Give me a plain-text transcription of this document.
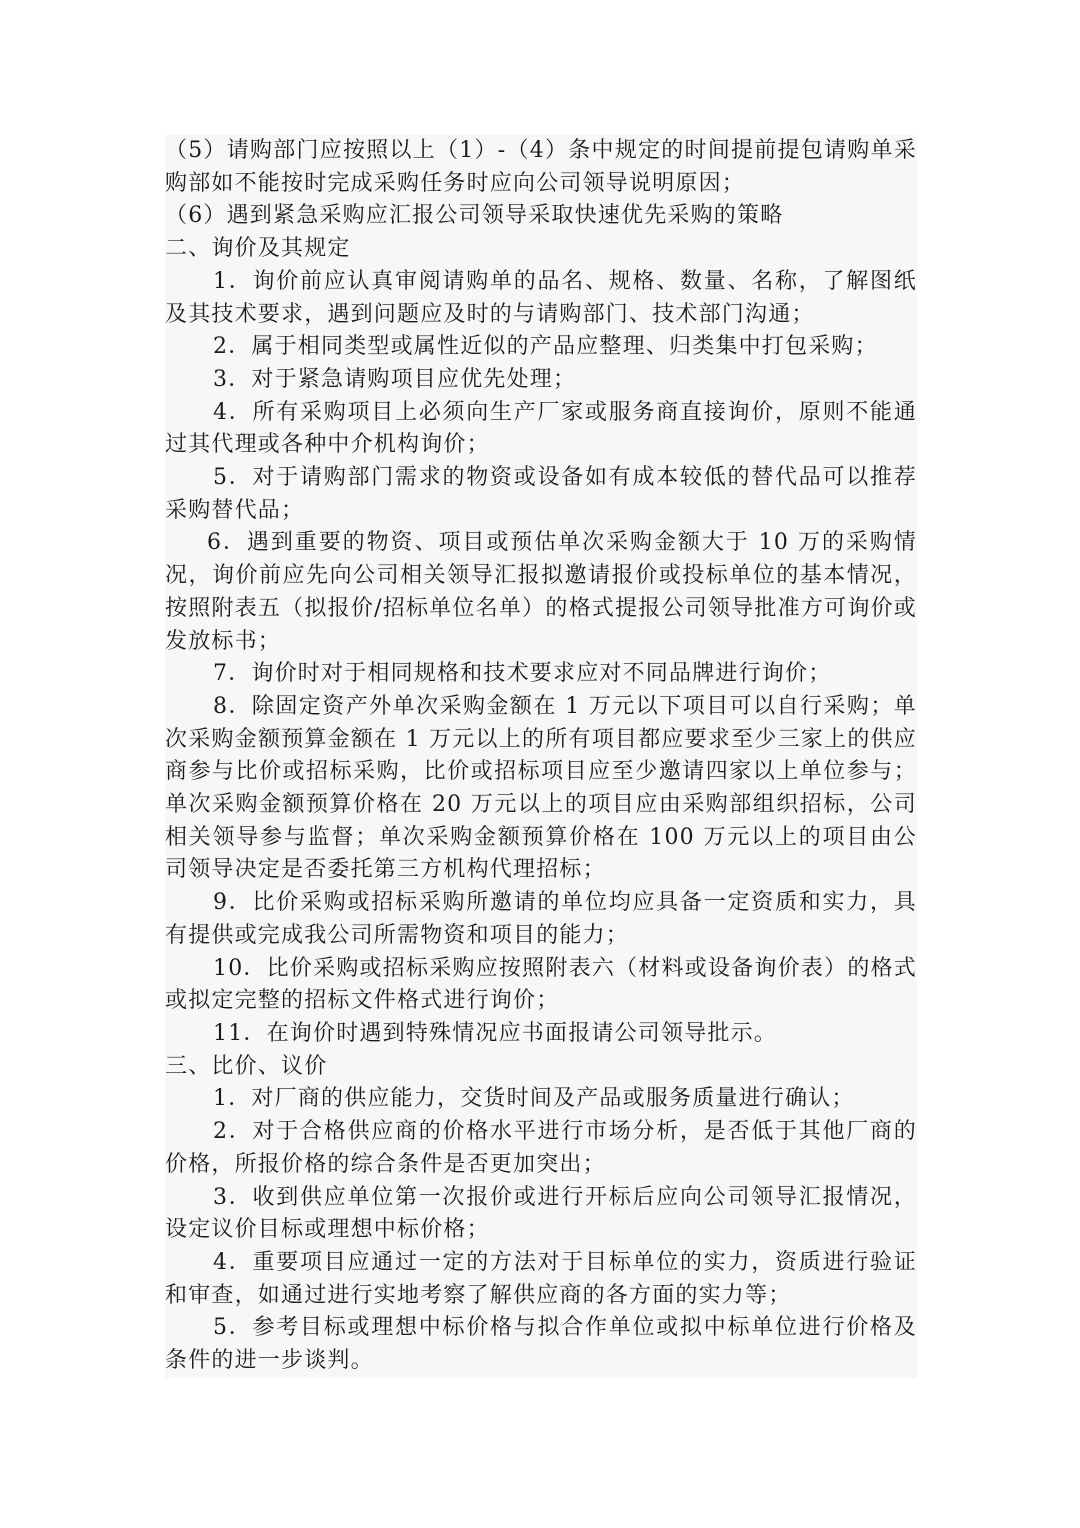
（5）请购部门应按照以上（1）-（4）条中规定的时间提前提包请购单采购部如不能按时完成采购任务时应向公司领导说明原因；

（6）遇到紧急采购应汇报公司领导采取快速优先采购的策略

二、询价及其规定

1．询价前应认真审阅请购单的品名、规格、数量、名称，了解图纸及其技术要求，遇到问题应及时的与请购部门、技术部门沟通；

2．属于相同类型或属性近似的产品应整理、归类集中打包采购；

3．对于紧急请购项目应优先处理；

4．所有采购项目上必须向生产厂家或服务商直接询价，原则不能通过其代理或各种中介机构询价；

5．对于请购部门需求的物资或设备如有成本较低的替代品可以推荐采购替代品；

6．遇到重要的物资、项目或预估单次采购金额大于 10 万的采购情况，询价前应先向公司相关领导汇报拟邀请报价或投标单位的基本情况，按照附表五（拟报价/招标单位名单）的格式提报公司领导批准方可询价或发放标书；

7．询价时对于相同规格和技术要求应对不同品牌进行询价；

8．除固定资产外单次采购金额在 1 万元以下项目可以自行采购；单次采购金额预算金额在 1 万元以上的所有项目都应要求至少三家上的供应商参与比价或招标采购，比价或招标项目应至少邀请四家以上单位参与；单次采购金额预算价格在 20 万元以上的项目应由采购部组织招标，公司相关领导参与监督；单次采购金额预算价格在 100 万元以上的项目由公司领导决定是否委托第三方机构代理招标；

9．比价采购或招标采购所邀请的单位均应具备一定资质和实力，具有提供或完成我公司所需物资和项目的能力；

10．比价采购或招标采购应按照附表六（材料或设备询价表）的格式或拟定完整的招标文件格式进行询价；

11．在询价时遇到特殊情况应书面报请公司领导批示。

三、比价、议价

1．对厂商的供应能力，交货时间及产品或服务质量进行确认；

2．对于合格供应商的价格水平进行市场分析，是否低于其他厂商的价格，所报价格的综合条件是否更加突出；

3．收到供应单位第一次报价或进行开标后应向公司领导汇报情况，设定议价目标或理想中标价格；

4．重要项目应通过一定的方法对于目标单位的实力，资质进行验证和审查，如通过进行实地考察了解供应商的各方面的实力等；

5．参考目标或理想中标价格与拟合作单位或拟中标单位进行价格及条件的进一步谈判。
